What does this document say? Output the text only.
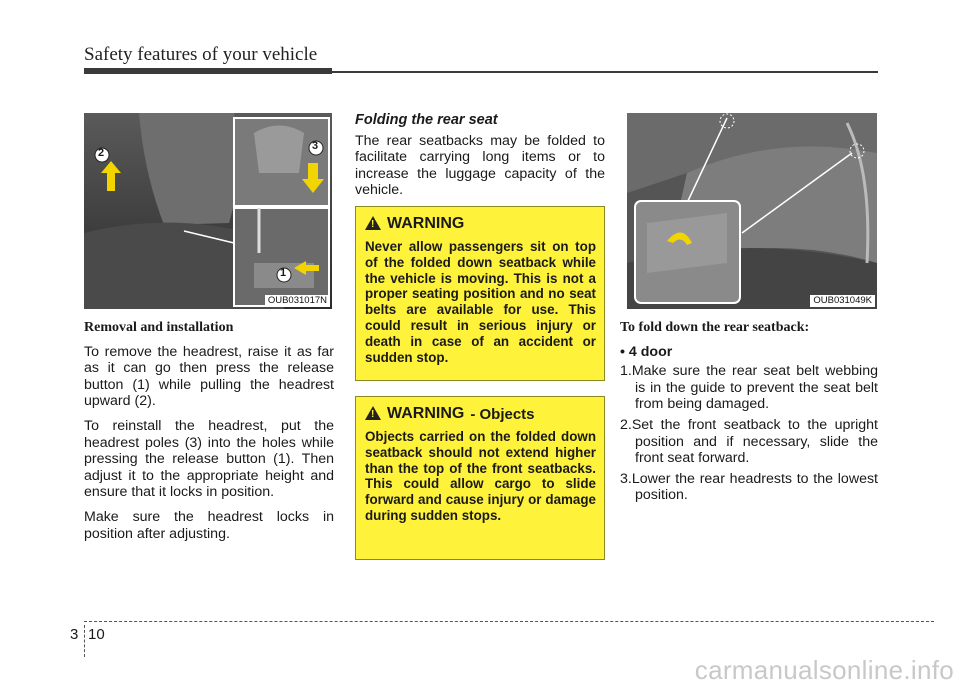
Safety features of your vehicle
2
3
1
OUB031017N
Removal and installation

To remove the headrest, raise it as far as it can go then press the release button (1) while pulling the headrest upward (2).

To reinstall the headrest, put the headrest poles (3) into the holes while pressing the release button (1). Then adjust it to the appropriate height and ensure that it locks in position.

Make sure the headrest locks in position after adjusting.

Folding the rear seat

The rear seatbacks may be folded to facilitate carrying long items or to increase the luggage capacity of the vehicle.

!
WARNING

Never allow passengers sit on top of the folded down seatback while the vehicle is moving. This is not a proper seating position and no seat belts are available for use. This could result in serious injury or death in case of an accident or sudden stop.

!
WARNING - Objects

Objects carried on the folded down seatback should not extend higher than the top of the front seatbacks. This could allow cargo to slide forward and cause injury or damage during sudden stops.

OUB031049K
To fold down the rear seatback:
• 4 door
1.Make sure the rear seat belt webbing is in the guide to prevent the seat belt from being damaged.
2.Set the front seatback to the upright position and if necessary, slide the front seat forward.
3.Lower the rear headrests to the lowest position.
3 10
carmanualsonline.info
